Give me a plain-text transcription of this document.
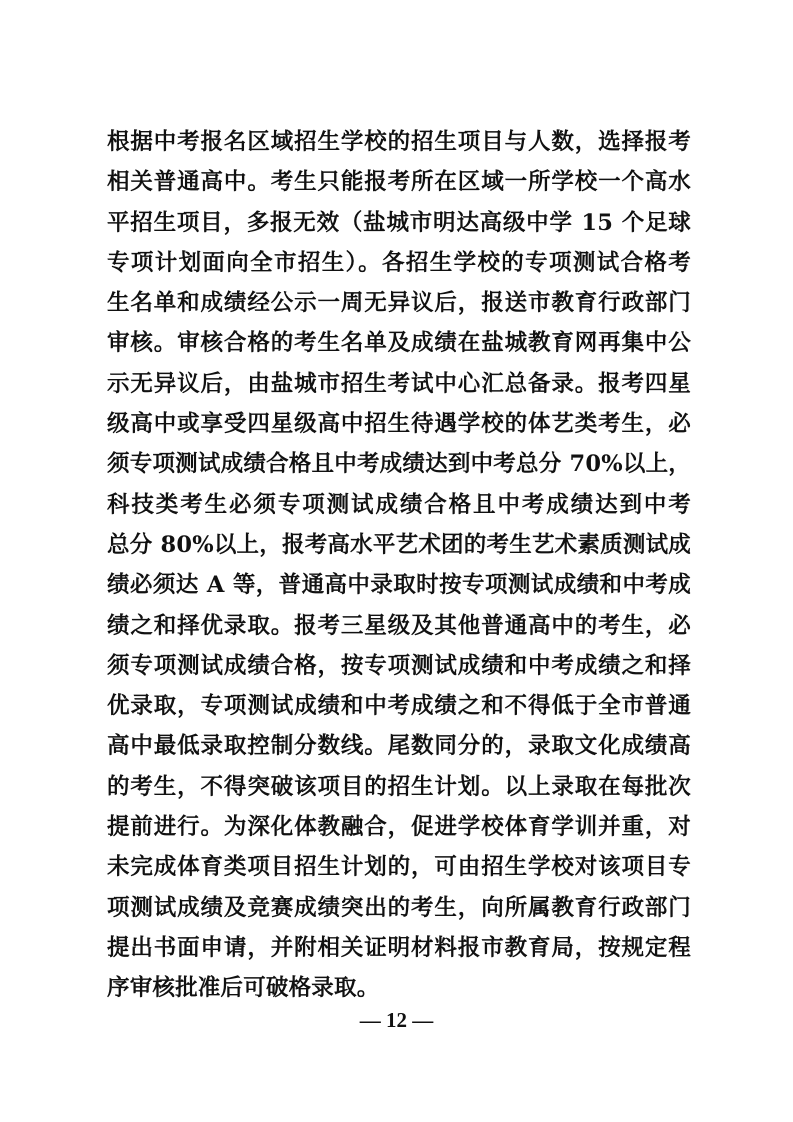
根据中考报名区域招生学校的招生项目与人数，选择报考
相关普通高中。考生只能报考所在区域一所学校一个高水
平招生项目，多报无效（盐城市明达高级中学 15 个足球
专项计划面向全市招生）。各招生学校的专项测试合格考
生名单和成绩经公示一周无异议后，报送市教育行政部门
审核。审核合格的考生名单及成绩在盐城教育网再集中公
示无异议后，由盐城市招生考试中心汇总备录。报考四星
级高中或享受四星级高中招生待遇学校的体艺类考生，必
须专项测试成绩合格且中考成绩达到中考总分 70%以上，
科技类考生必须专项测试成绩合格且中考成绩达到中考
总分 80%以上，报考高水平艺术团的考生艺术素质测试成
绩必须达 A 等，普通高中录取时按专项测试成绩和中考成
绩之和择优录取。报考三星级及其他普通高中的考生，必
须专项测试成绩合格，按专项测试成绩和中考成绩之和择
优录取，专项测试成绩和中考成绩之和不得低于全市普通
高中最低录取控制分数线。尾数同分的，录取文化成绩高
的考生，不得突破该项目的招生计划。以上录取在每批次
提前进行。为深化体教融合，促进学校体育学训并重，对
未完成体育类项目招生计划的，可由招生学校对该项目专
项测试成绩及竞赛成绩突出的考生，向所属教育行政部门
提出书面申请，并附相关证明材料报市教育局，按规定程
序审核批准后可破格录取。
— 12 —
